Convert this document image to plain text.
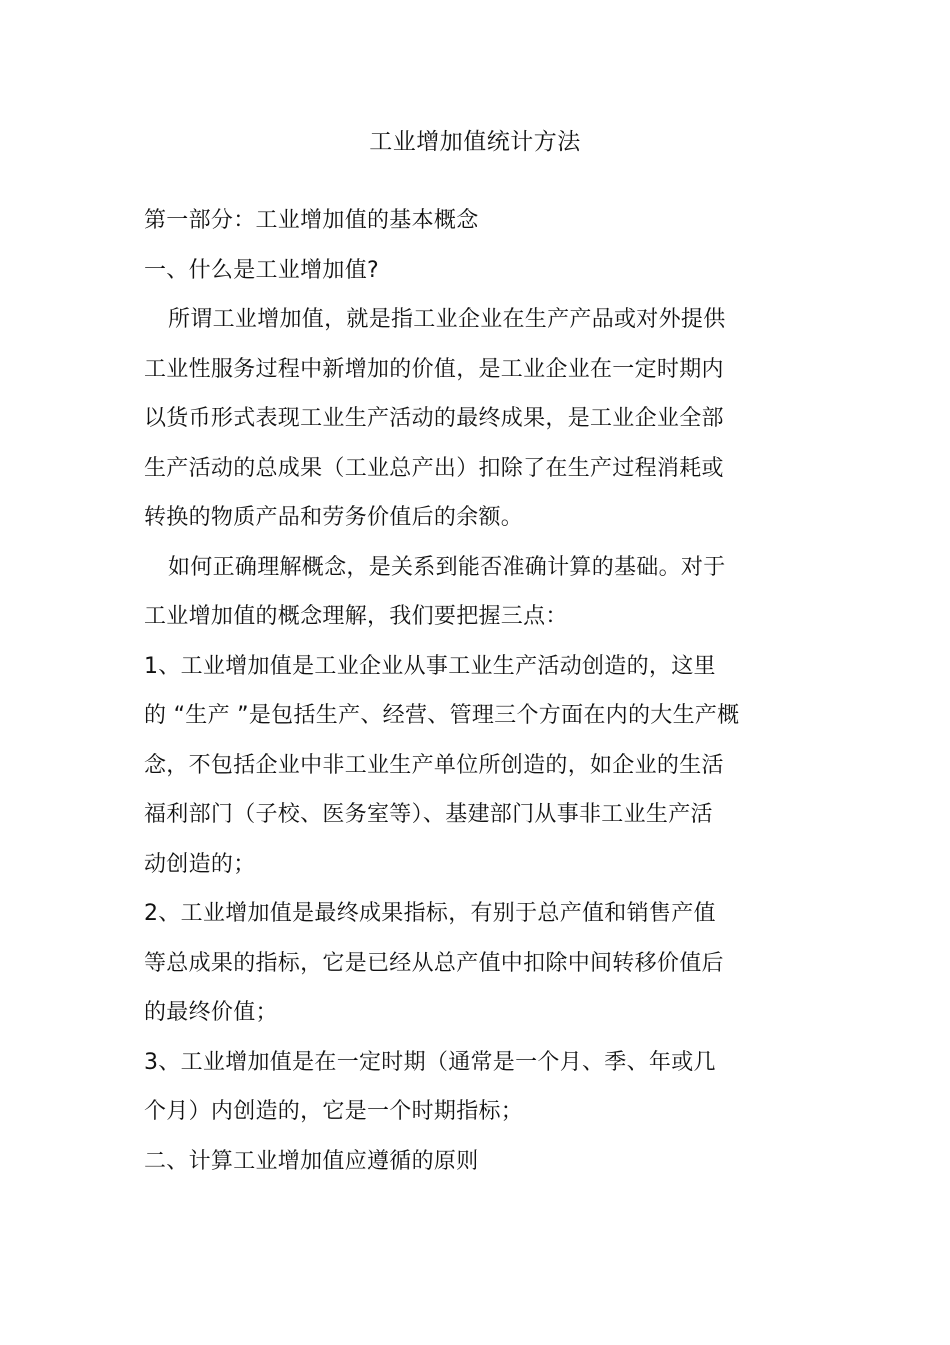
工业增加值统计方法
第一部分：工业增加值的基本概念
一、什么是工业增加值?
所谓工业增加值，就是指工业企业在生产产品或对外提供
工业性服务过程中新增加的价值，是工业企业在一定时期内
以货币形式表现工业生产活动的最终成果，是工业企业全部
生产活动的总成果（工业总产出）扣除了在生产过程消耗或
转换的物质产品和劳务价值后的余额。
如何正确理解概念，是关系到能否准确计算的基础。对于
工业增加值的概念理解，我们要把握三点：
1、工业增加值是工业企业从事工业生产活动创造的，这里
的 “生产 ”是包括生产、经营、管理三个方面在内的大生产概
念，不包括企业中非工业生产单位所创造的，如企业的生活
福利部门（子校、医务室等）、基建部门从事非工业生产活
动创造的；
2、工业增加值是最终成果指标，有别于总产值和销售产值
等总成果的指标，它是已经从总产值中扣除中间转移价值后
的最终价值；
3、工业增加值是在一定时期（通常是一个月、季、年或几
个月）内创造的，它是一个时期指标；
二、计算工业增加值应遵循的原则
